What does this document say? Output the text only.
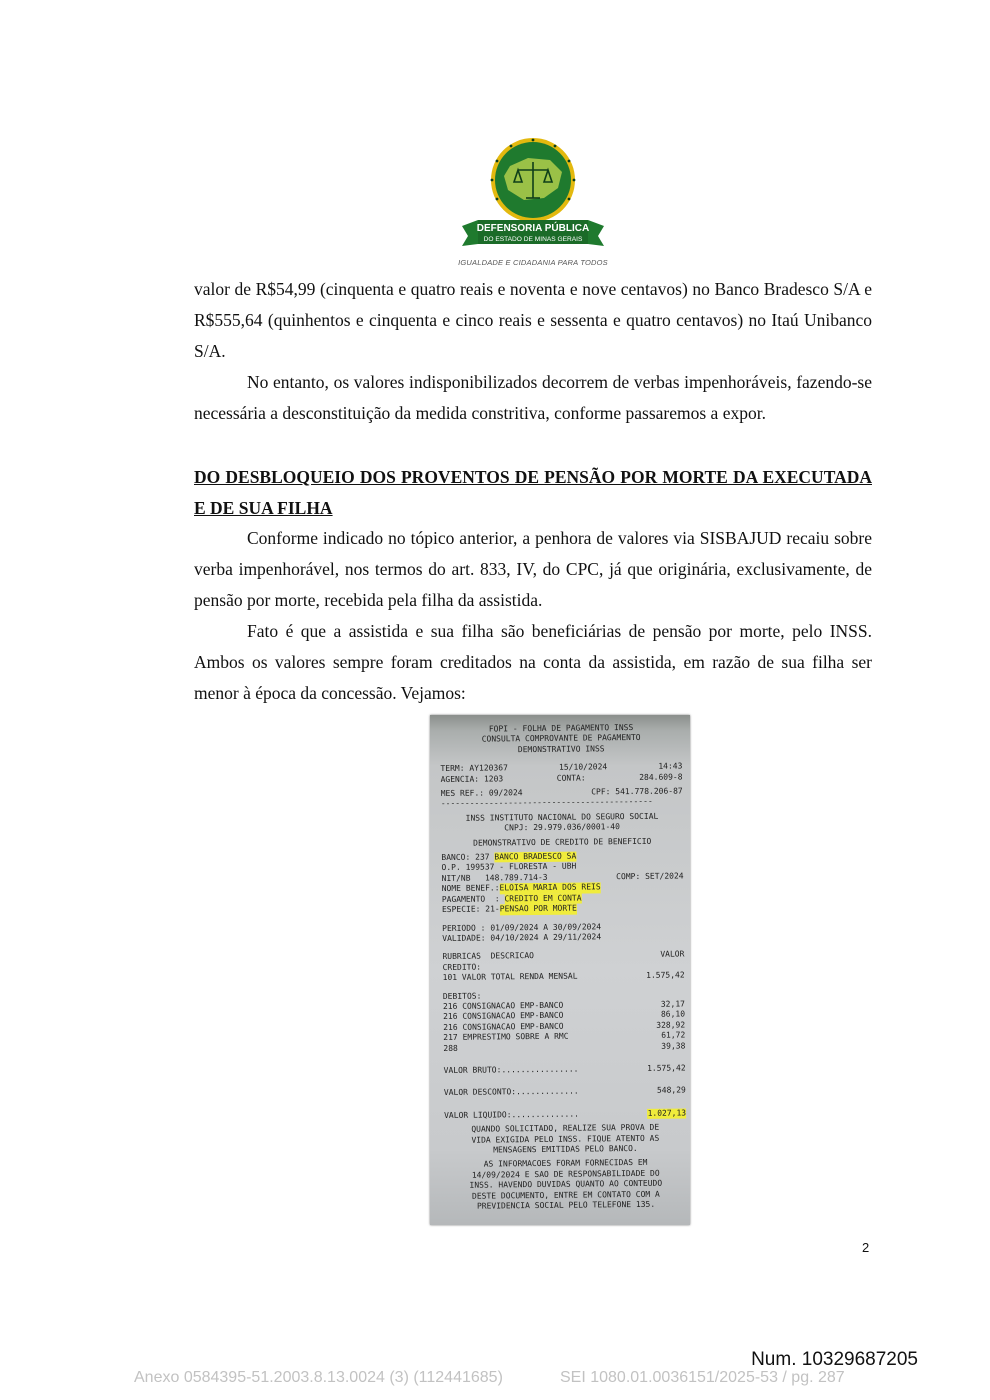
DEFENSORIA PÚBLICA
DO ESTADO DE MINAS GERAIS
IGUALDADE E CIDADANIA PARA TODOS

valor de R$54,99 (cinquenta e quatro reais e noventa e nove centavos) no Banco Bradesco S/A e R$555,64 (quinhentos e cinquenta e cinco reais e sessenta e quatro centavos) no Itaú Unibanco S/A.

No entanto, os valores indisponibilizados decorrem de verbas impenhoráveis, fazendo-se necessária a desconstituição da medida constritiva, conforme passaremos a expor.

DO DESBLOQUEIO DOS PROVENTOS DE PENSÃO POR MORTE DA EXECUTADA E DE SUA FILHA

Conforme indicado no tópico anterior, a penhora de valores via SISBAJUD recaiu sobre verba impenhorável, nos termos do art. 833, IV, do CPC, já que originária, exclusivamente, de pensão por morte, recebida pela filha da assistida.

Fato é que a assistida e sua filha são beneficiárias de pensão por morte, pelo INSS. Ambos os valores sempre foram creditados na conta da assistida, em razão de sua filha ser menor à época da concessão. Vejamos:

FOPI - FOLHA DE PAGAMENTO INSS
CONSULTA COMPROVANTE DE PAGAMENTO
DEMONSTRATIVO INSS
TERM: AY120367	15/10/2024	14:43
AGENCIA: 1203	CONTA:	284.609-8
MES REF.: 09/2024	CPF: 541.778.206-87
--------------------------------------------
INSS INSTITUTO NACIONAL DO SEGURO SOCIAL
CNPJ: 29.979.036/0001-40
DEMONSTRATIVO DE CREDITO DE BENEFICIO
BANCO: 237 BANCO BRADESCO SA
O.P. 199537 - FLORESTA - UBH
NIT/NB   148.789.714-3	COMP: SET/2024
NOME BENEF.: ELOISA MARIA DOS REIS
PAGAMENTO  : CREDITO EM CONTA
ESPECIE: 21- PENSAO POR MORTE
PERIODO : 01/09/2024 A 30/09/2024
VALIDADE: 04/10/2024 A 29/11/2024
RUBRICAS  DESCRICAO	VALOR
CREDITO:
101 VALOR TOTAL RENDA MENSAL	1.575,42
DEBITOS:
216 CONSIGNACAO EMP-BANCO	32,17
216 CONSIGNACAO EMP-BANCO	86,10
216 CONSIGNACAO EMP-BANCO	328,92
217 EMPRESTIMO SOBRE A RMC	61,72
288	39,38
VALOR BRUTO:................	1.575,42
VALOR DESCONTO:.............	548,29
VALOR LIQUIDO:..............	1.027,13
QUANDO SOLICITADO, REALIZE SUA PROVA DE
VIDA EXIGIDA PELO INSS. FIQUE ATENTO AS
MENSAGENS EMITIDAS PELO BANCO.
AS INFORMACOES FORAM FORNECIDAS EM
14/09/2024 E SAO DE RESPONSABILIDADE DO
INSS. HAVENDO DUVIDAS QUANTO AO CONTEUDO
DESTE DOCUMENTO, ENTRE EM CONTATO COM A
PREVIDENCIA SOCIAL PELO TELEFONE 135.
2
Num. 10329687205
Anexo 0584395-51.2003.8.13.0024 (3) (112441685)	SEI 1080.01.0036151/2025-53 / pg. 287
